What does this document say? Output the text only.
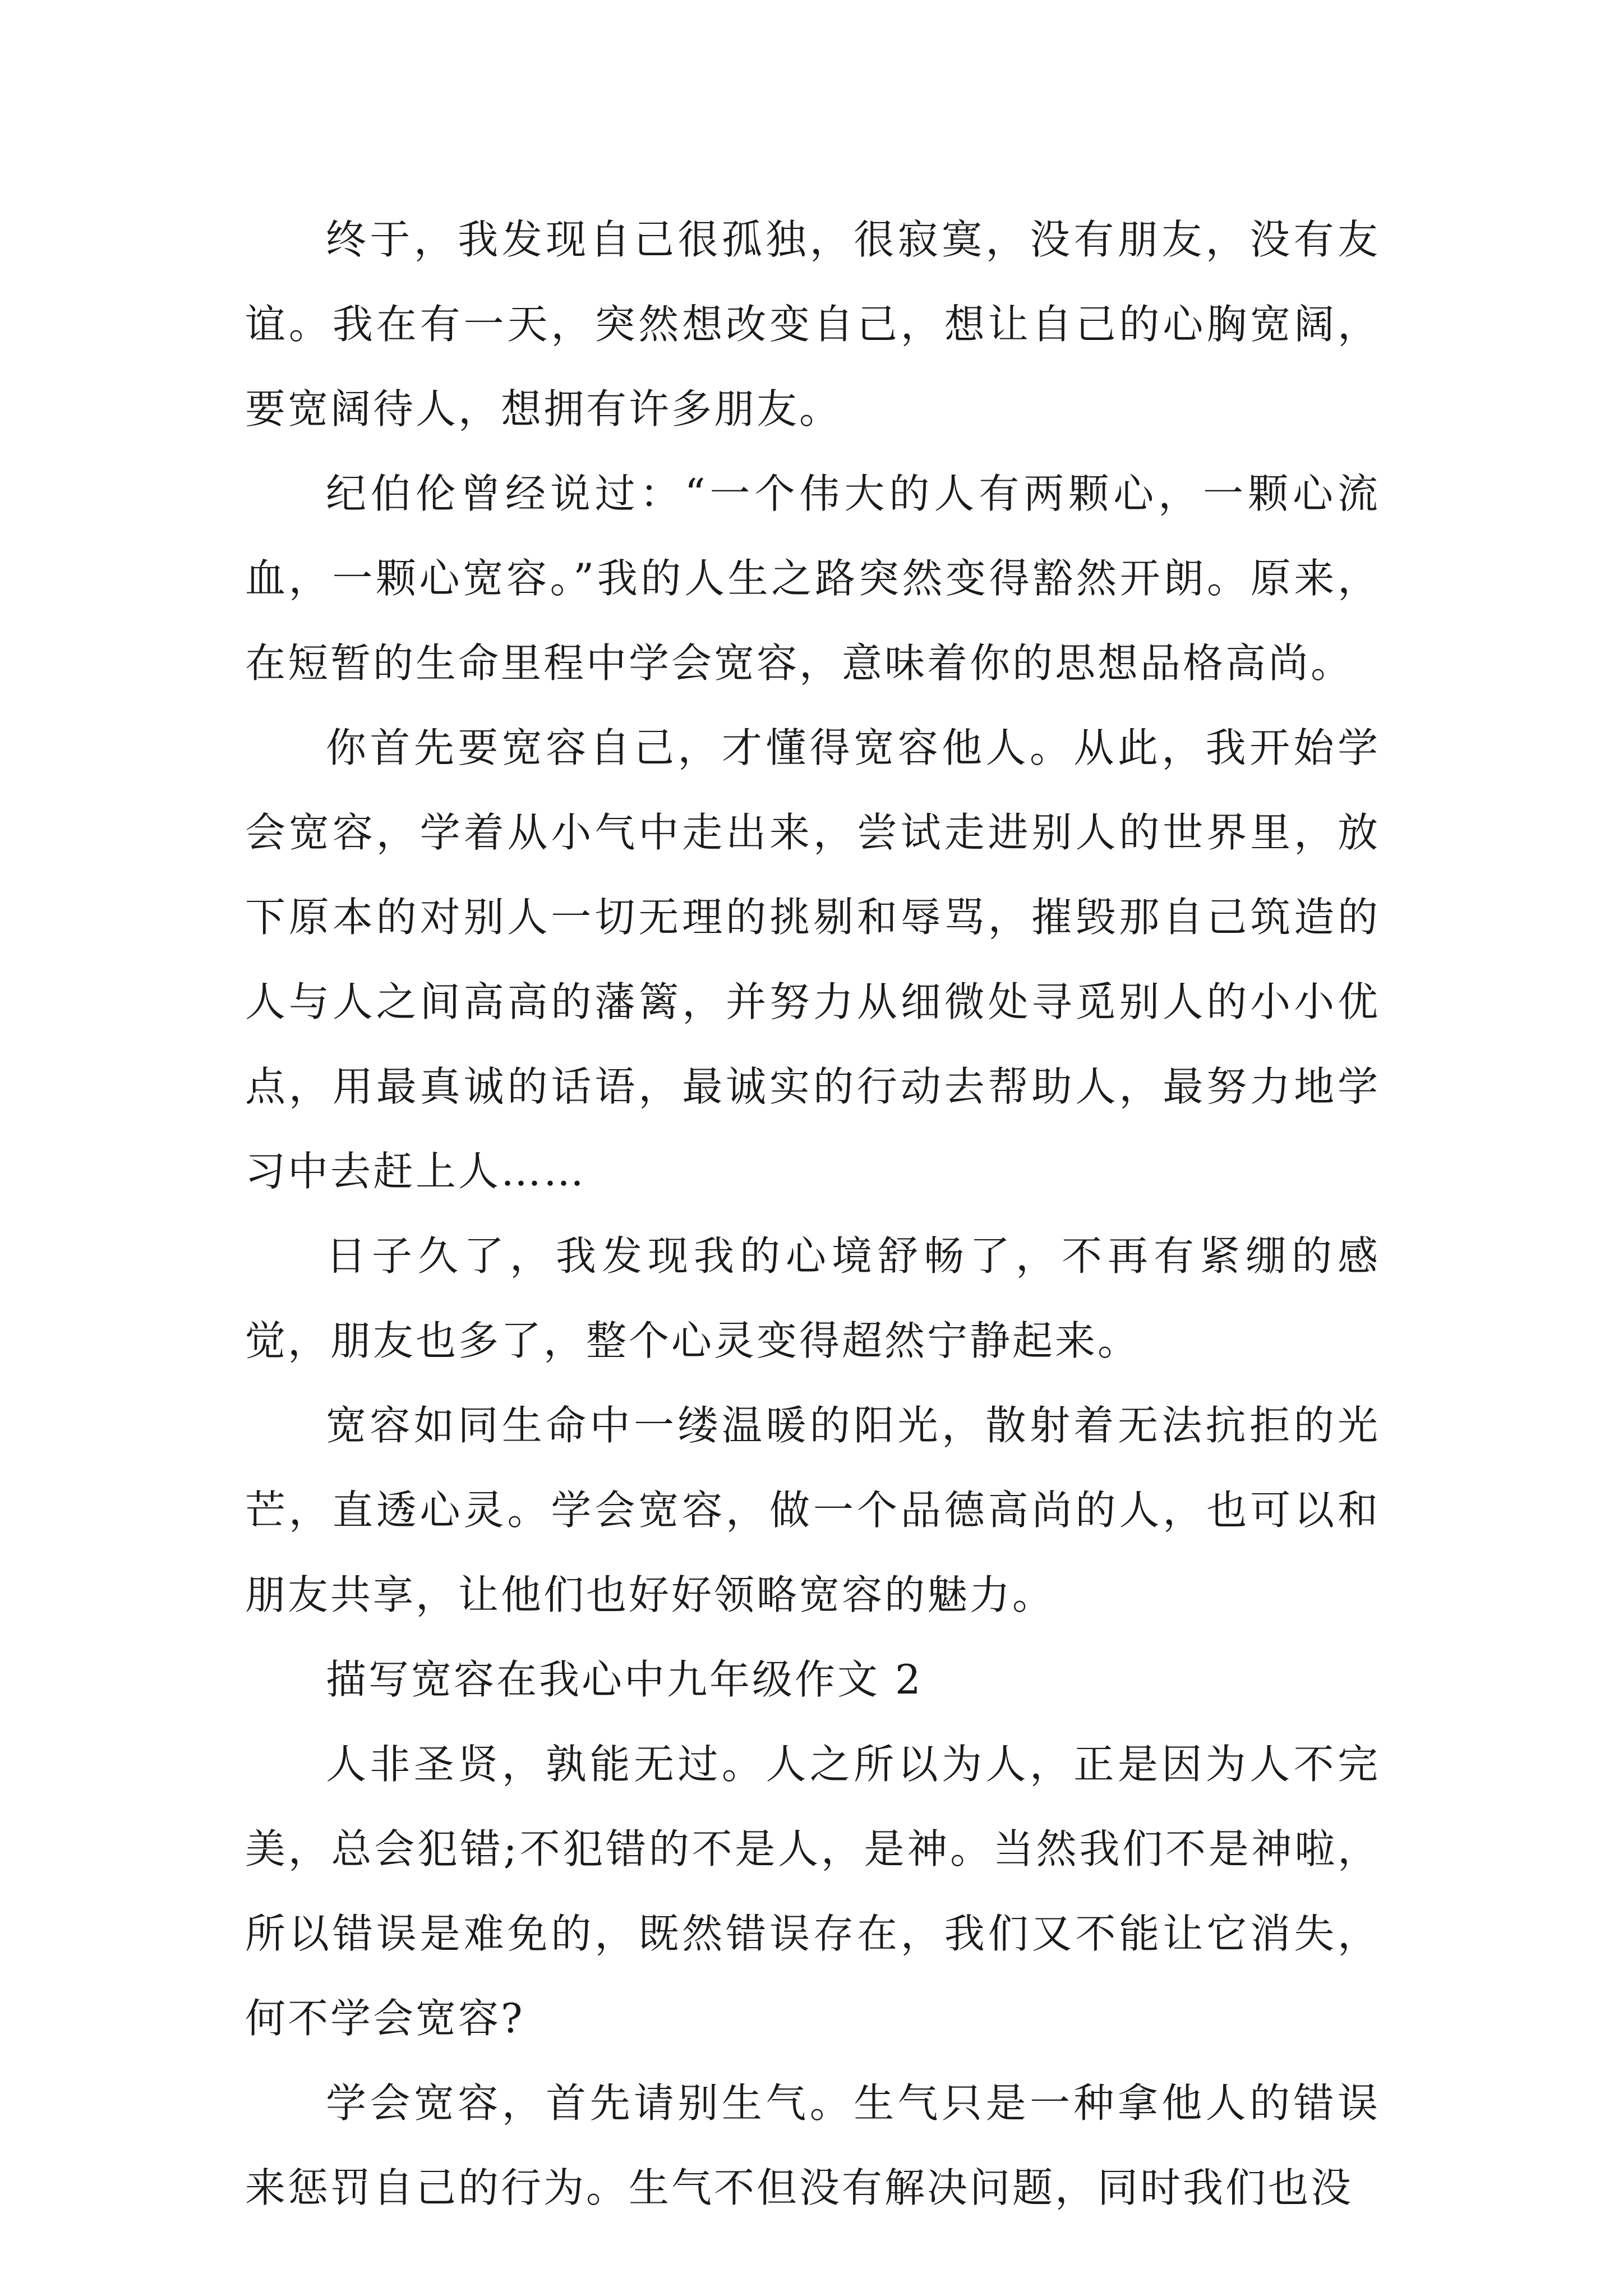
终于，我发现自己很孤独，很寂寞，没有朋友，没有友谊。我在有一天，突然想改变自己，想让自己的心胸宽阔，要宽阔待人，想拥有许多朋友。

纪伯伦曾经说过：“一个伟大的人有两颗心，一颗心流血，一颗心宽容。”我的人生之路突然变得豁然开朗。原来，在短暂的生命里程中学会宽容，意味着你的思想品格高尚。

你首先要宽容自己，才懂得宽容他人。从此，我开始学会宽容，学着从小气中走出来，尝试走进别人的世界里，放下原本的对别人一切无理的挑剔和辱骂，摧毁那自己筑造的人与人之间高高的藩篱，并努力从细微处寻觅别人的小小优点，用最真诚的话语，最诚实的行动去帮助人，最努力地学习中去赶上人……

日子久了，我发现我的心境舒畅了，不再有紧绷的感觉，朋友也多了，整个心灵变得超然宁静起来。

宽容如同生命中一缕温暖的阳光，散射着无法抗拒的光芒，直透心灵。学会宽容，做一个品德高尚的人，也可以和朋友共享，让他们也好好领略宽容的魅力。

描写宽容在我心中九年级作文 2

人非圣贤，孰能无过。人之所以为人，正是因为人不完美，总会犯错;不犯错的不是人，是神。当然我们不是神啦，所以错误是难免的，既然错误存在，我们又不能让它消失，何不学会宽容?

学会宽容，首先请别生气。生气只是一种拿他人的错误来惩罚自己的行为。生气不但没有解决问题，同时我们也没
